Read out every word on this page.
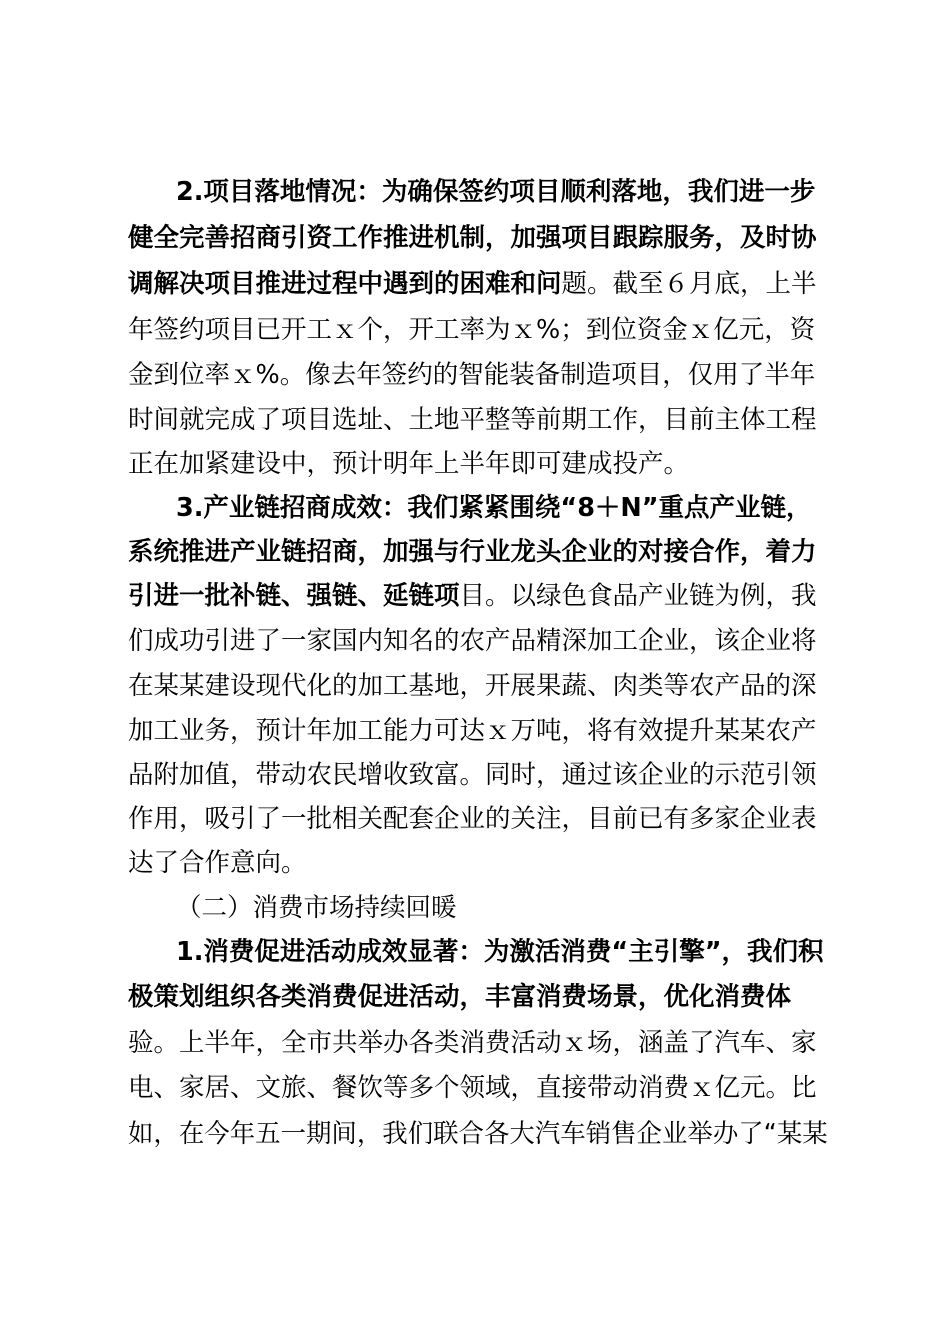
2.项目落地情况：为确保签约项目顺利落地，我们进一步
健全完善招商引资工作推进机制，加强项目跟踪服务，及时协
调解决项目推进过程中遇到的困难和问题。截至６月底，上半
年签约项目已开工ｘ个，开工率为ｘ%；到位资金ｘ亿元，资
金到位率ｘ%。像去年签约的智能装备制造项目，仅用了半年
时间就完成了项目选址、土地平整等前期工作，目前主体工程
正在加紧建设中，预计明年上半年即可建成投产。
3.产业链招商成效：我们紧紧围绕“8＋N”重点产业链，
系统推进产业链招商，加强与行业龙头企业的对接合作，着力
引进一批补链、强链、延链项目。以绿色食品产业链为例，我
们成功引进了一家国内知名的农产品精深加工企业，该企业将
在某某建设现代化的加工基地，开展果蔬、肉类等农产品的深
加工业务，预计年加工能力可达ｘ万吨，将有效提升某某农产
品附加值，带动农民增收致富。同时，通过该企业的示范引领
作用，吸引了一批相关配套企业的关注，目前已有多家企业表
达了合作意向。
（二）消费市场持续回暖
1.消费促进活动成效显著：为激活消费“主引擎”，我们积
极策划组织各类消费促进活动，丰富消费场景，优化消费体
验。上半年，全市共举办各类消费活动ｘ场，涵盖了汽车、家
电、家居、文旅、餐饮等多个领域，直接带动消费ｘ亿元。比
如，在今年五一期间，我们联合各大汽车销售企业举办了“某某
